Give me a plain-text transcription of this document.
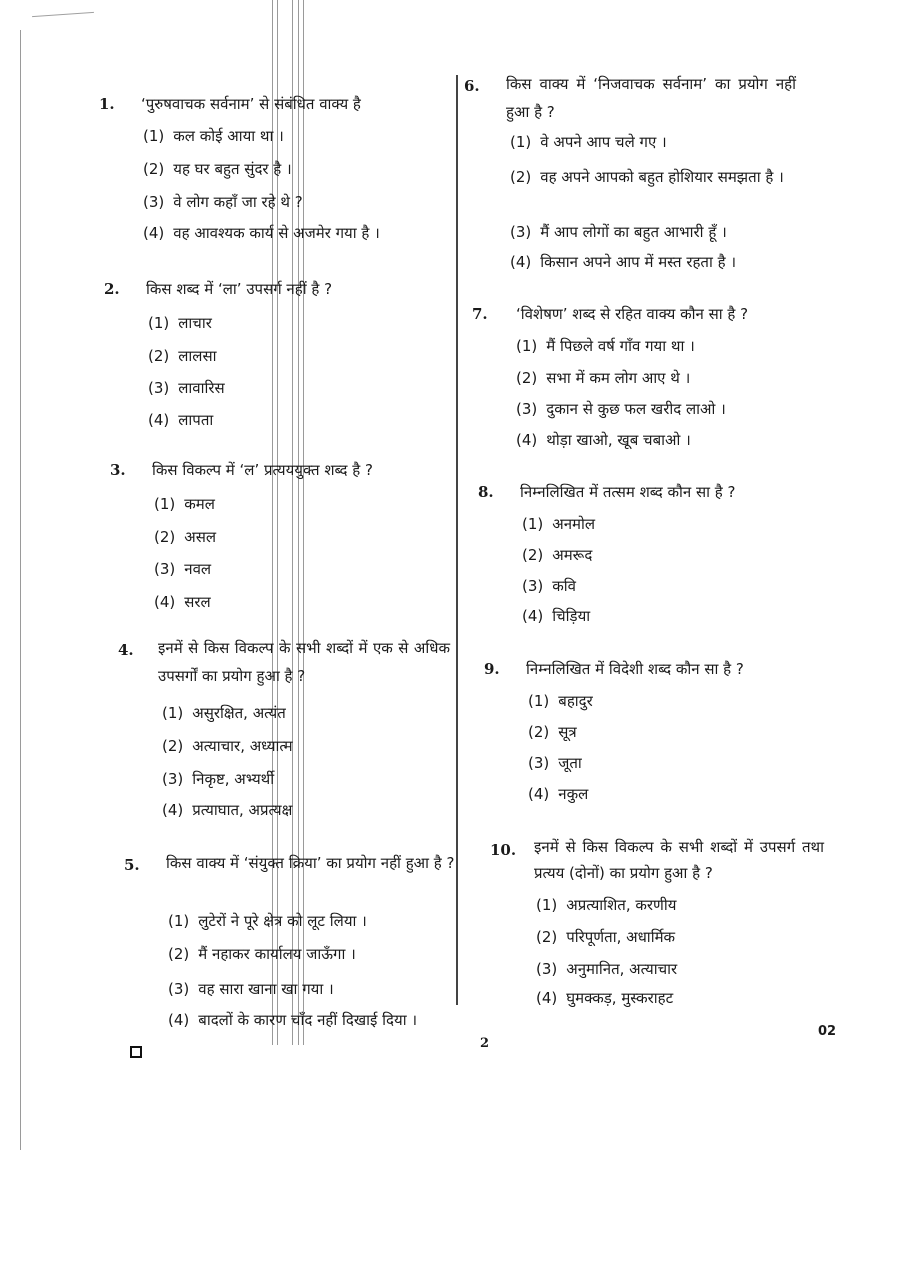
1. ‘पुरुषवाचक सर्वनाम’ से संबंधित वाक्य है
(1) कल कोई आया था ।
(2) यह घर बहुत सुंदर है ।
(3) वे लोग कहाँ जा रहे थे ?
(4) वह आवश्यक कार्य से अजमेर गया है ।
2. किस शब्द में ‘ला’ उपसर्ग नहीं है ?
(1) लाचार
(2) लालसा
(3) लावारिस
(4) लापता
3. किस विकल्प में ‘ल’ प्रत्यययुक्त शब्द है ?
(1) कमल
(2) असल
(3) नवल
(4) सरल
4. इनमें से किस विकल्प के सभी शब्दों में एक से अधिक उपसर्गों का प्रयोग हुआ है ?
(1) असुरक्षित, अत्यंत
(2) अत्याचार, अध्यात्म
(3) निकृष्ट, अभ्यर्थी
(4) प्रत्याघात, अप्रत्यक्ष
5. किस वाक्य में ‘संयुक्त क्रिया’ का प्रयोग नहीं हुआ है ?
(1) लुटेरों ने पूरे क्षेत्र को लूट लिया ।
(2) मैं नहाकर कार्यालय जाऊँगा ।
(3) वह सारा खाना खा गया ।
(4) बादलों के कारण चाँद नहीं दिखाई दिया ।
6. किस वाक्य में ‘निजवाचक सर्वनाम’ का प्रयोग नहीं हुआ है ?
(1) वे अपने आप चले गए ।
(2) वह अपने आपको बहुत होशियार समझता है ।
(3) मैं आप लोगों का बहुत आभारी हूँ ।
(4) किसान अपने आप में मस्त रहता है ।
7. ‘विशेषण’ शब्द से रहित वाक्य कौन सा है ?
(1) मैं पिछले वर्ष गाँव गया था ।
(2) सभा में कम लोग आए थे ।
(3) दुकान से कुछ फल खरीद लाओ ।
(4) थोड़ा खाओ, खूब चबाओ ।
8. निम्नलिखित में तत्सम शब्द कौन सा है ?
(1) अनमोल
(2) अमरूद
(3) कवि
(4) चिड़िया
9. निम्नलिखित में विदेशी शब्द कौन सा है ?
(1) बहादुर
(2) सूत्र
(3) जूता
(4) नकुल
10. इनमें से किस विकल्प के सभी शब्दों में उपसर्ग तथा प्रत्यय (दोनों) का प्रयोग हुआ है ?
(1) अप्रत्याशित, करणीय
(2) परिपूर्णता, अधार्मिक
(3) अनुमानित, अत्याचार
(4) घुमक्कड़, मुस्कराहट
2
02
